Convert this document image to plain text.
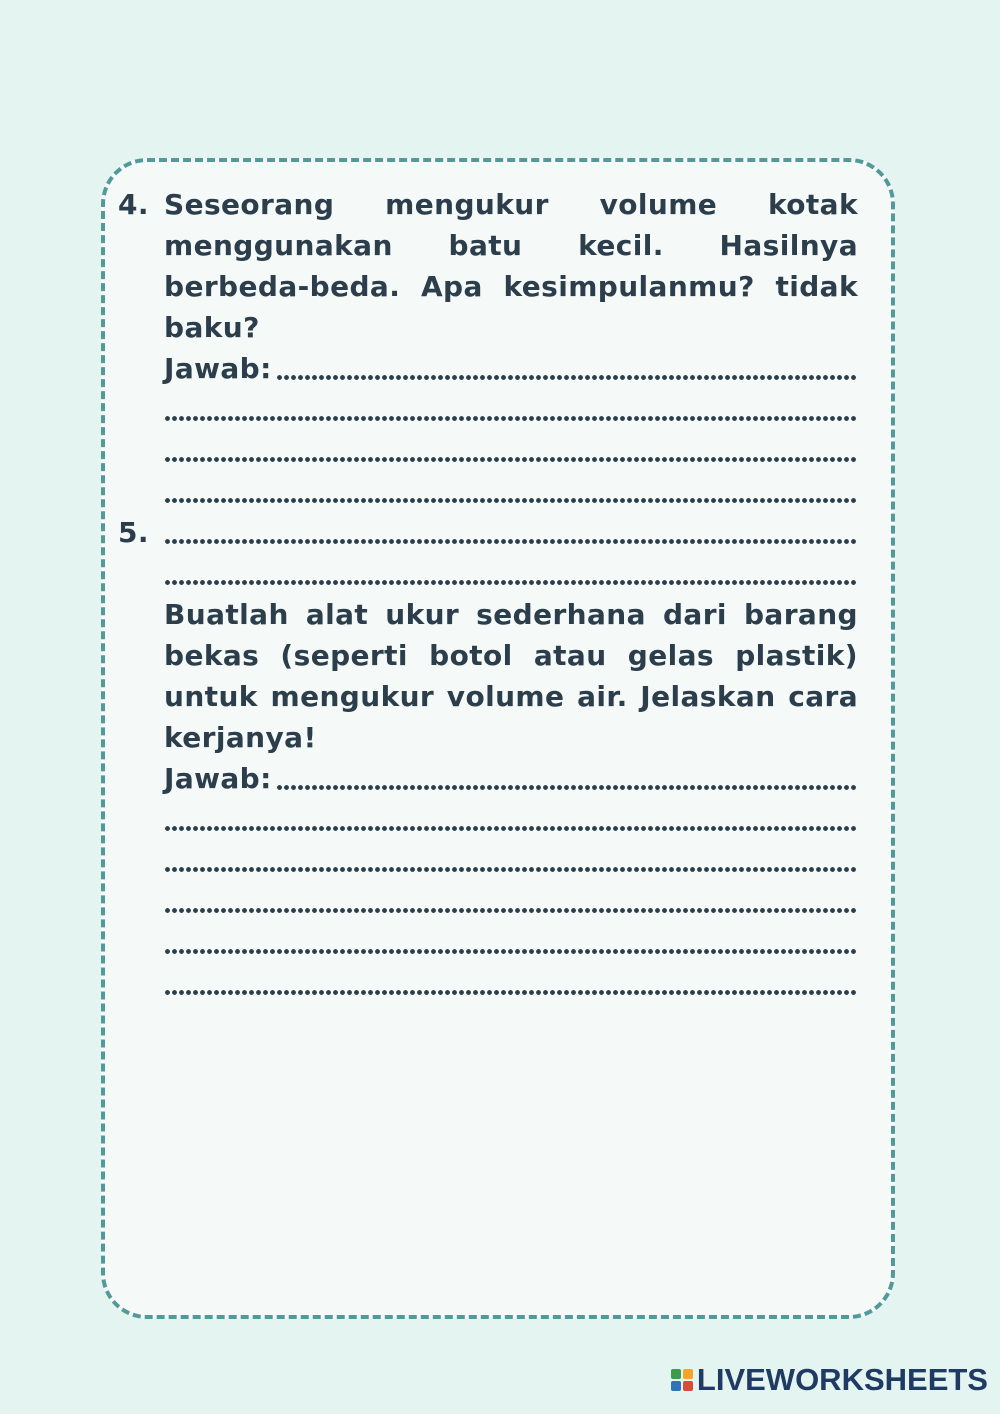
4. Seseorang mengukur volume kotak menggunakan batu kecil. Hasilnya berbeda-beda. Apa kesimpulanmu? tidak baku?
Jawab:
5.
Buatlah alat ukur sederhana dari barang bekas (seperti botol atau gelas plastik) untuk mengukur volume air. Jelaskan cara kerjanya!
Jawab:
LIVEWORKSHEETS
